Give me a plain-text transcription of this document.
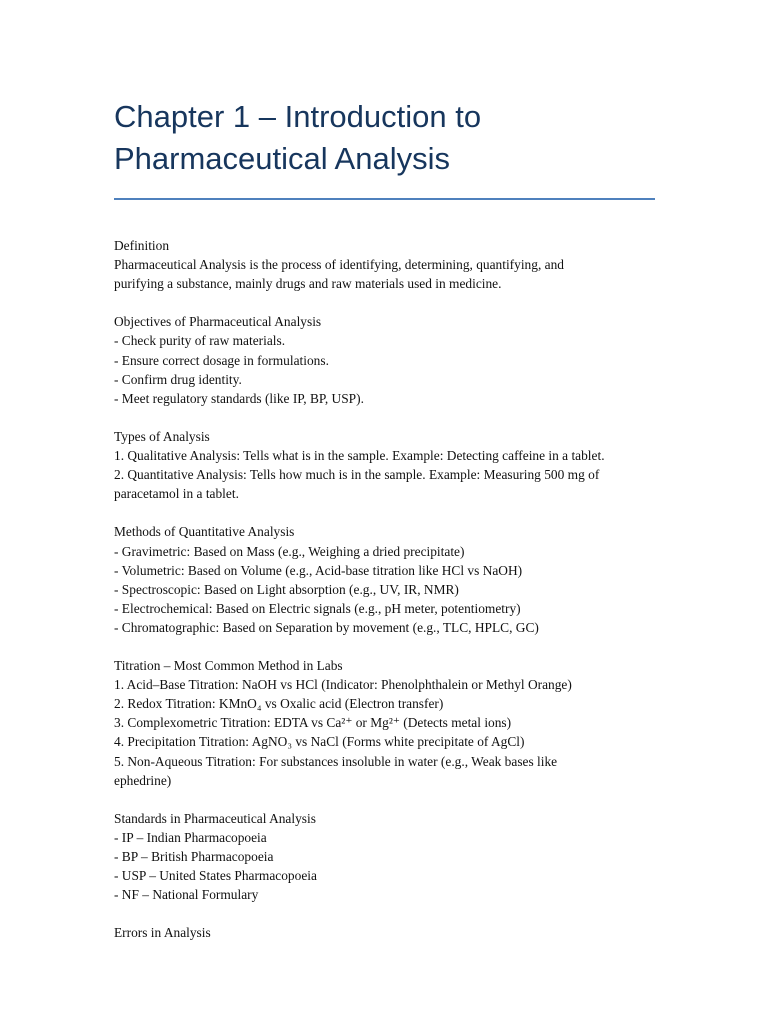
Chapter 1 – Introduction to
Pharmaceutical Analysis
Definition
Pharmaceutical Analysis is the process of identifying, determining, quantifying, and
purifying a substance, mainly drugs and raw materials used in medicine.
Objectives of Pharmaceutical Analysis
- Check purity of raw materials.
- Ensure correct dosage in formulations.
- Confirm drug identity.
- Meet regulatory standards (like IP, BP, USP).
Types of Analysis
1. Qualitative Analysis: Tells what is in the sample. Example: Detecting caffeine in a tablet.
2. Quantitative Analysis: Tells how much is in the sample. Example: Measuring 500 mg of
paracetamol in a tablet.
Methods of Quantitative Analysis
- Gravimetric: Based on Mass (e.g., Weighing a dried precipitate)
- Volumetric: Based on Volume (e.g., Acid-base titration like HCl vs NaOH)
- Spectroscopic: Based on Light absorption (e.g., UV, IR, NMR)
- Electrochemical: Based on Electric signals (e.g., pH meter, potentiometry)
- Chromatographic: Based on Separation by movement (e.g., TLC, HPLC, GC)
Titration – Most Common Method in Labs
1. Acid–Base Titration: NaOH vs HCl (Indicator: Phenolphthalein or Methyl Orange)
2. Redox Titration: KMnO₄ vs Oxalic acid (Electron transfer)
3. Complexometric Titration: EDTA vs Ca²⁺ or Mg²⁺ (Detects metal ions)
4. Precipitation Titration: AgNO₃ vs NaCl (Forms white precipitate of AgCl)
5. Non-Aqueous Titration: For substances insoluble in water (e.g., Weak bases like
ephedrine)
Standards in Pharmaceutical Analysis
- IP – Indian Pharmacopoeia
- BP – British Pharmacopoeia
- USP – United States Pharmacopoeia
- NF – National Formulary
Errors in Analysis
